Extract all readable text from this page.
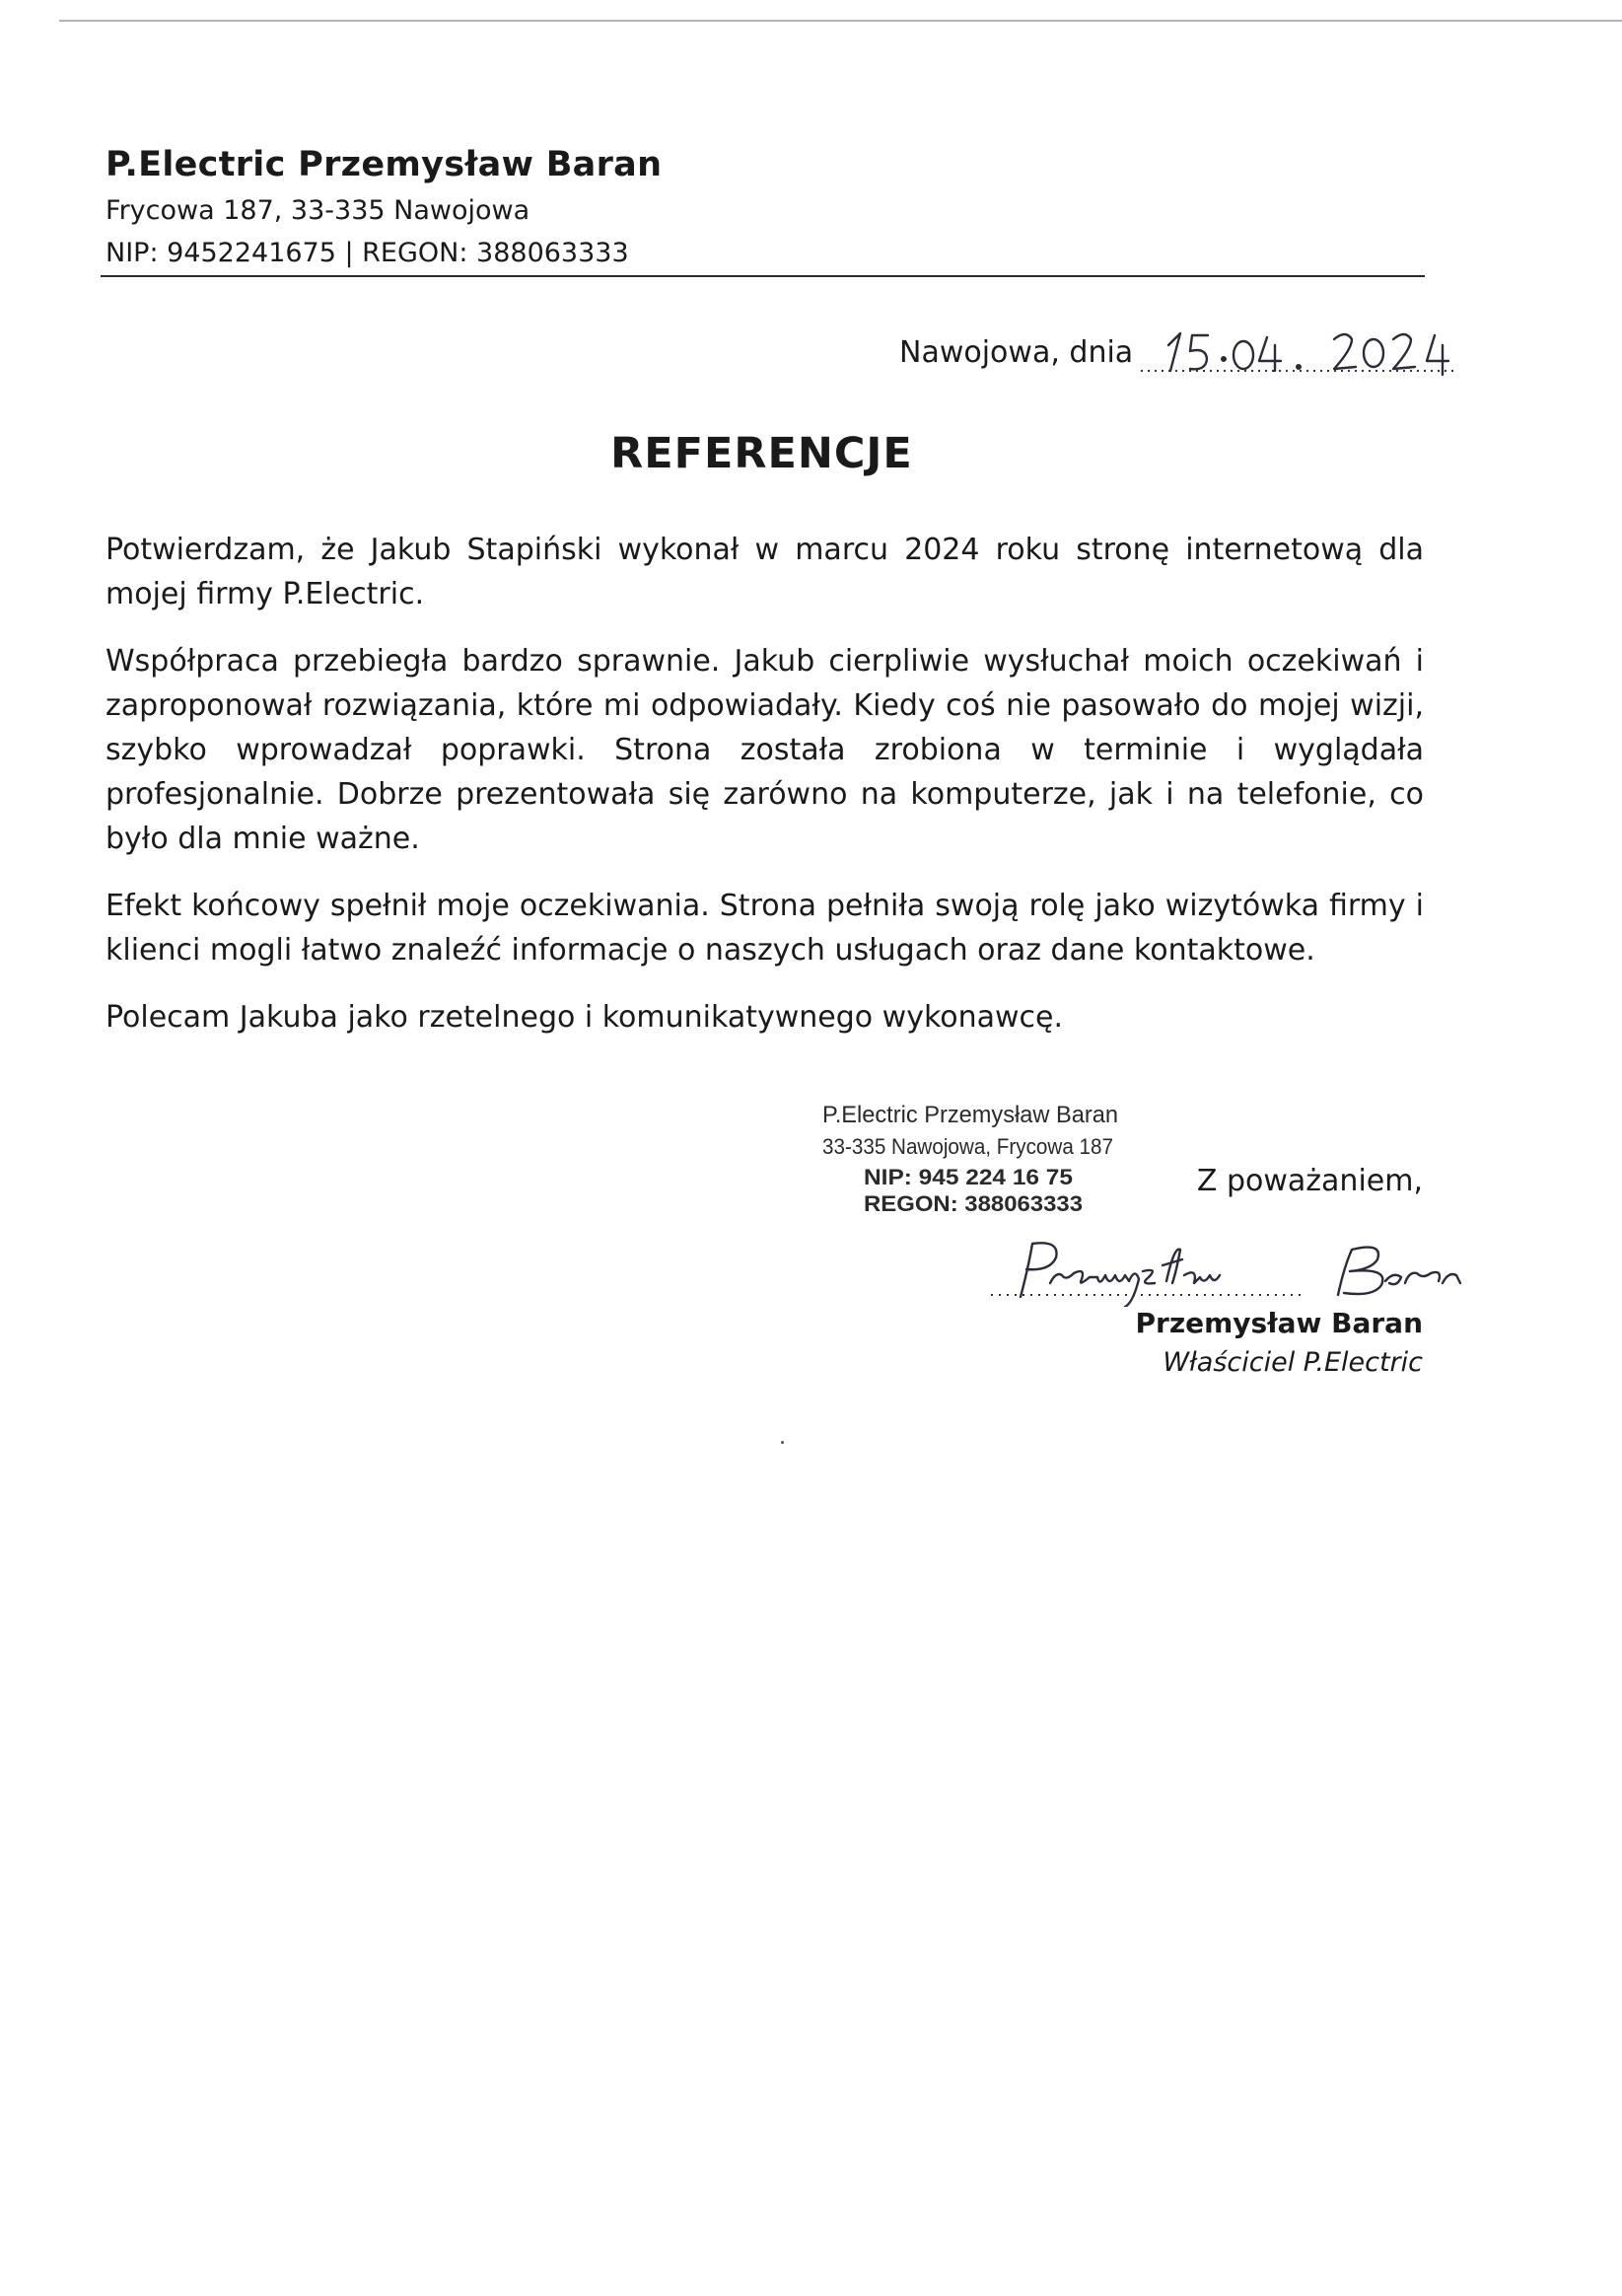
P.Electric Przemysław Baran
Frycowa 187, 33-335 Nawojowa
NIP: 9452241675 | REGON: 388063333
Nawojowa, dnia
REFERENCJE

Potwierdzam, że Jakub Stapiński wykonał w marcu 2024 roku stronę internetową dla mojej firmy P.Electric.

Współpraca przebiegła bardzo sprawnie. Jakub cierpliwie wysłuchał moich oczekiwań i zaproponował rozwiązania, które mi odpowiadały. Kiedy coś nie pasowało do mojej wizji, szybko wprowadzał poprawki. Strona została zrobiona w terminie i wyglądała profesjonalnie. Dobrze prezentowała się zarówno na komputerze, jak i na telefonie, co było dla mnie ważne.

Efekt końcowy spełnił moje oczekiwania. Strona pełniła swoją rolę jako wizytówka firmy i klienci mogli łatwo znaleźć informacje o naszych usługach oraz dane kontaktowe.

Polecam Jakuba jako rzetelnego i komunikatywnego wykonawcę.

P.Electric Przemysław Baran
33-335 Nawojowa, Frycowa 187
NIP: 945 224 16 75
REGON: 388063333
Z poważaniem,
Przemysław Baran
Właściciel P.Electric
